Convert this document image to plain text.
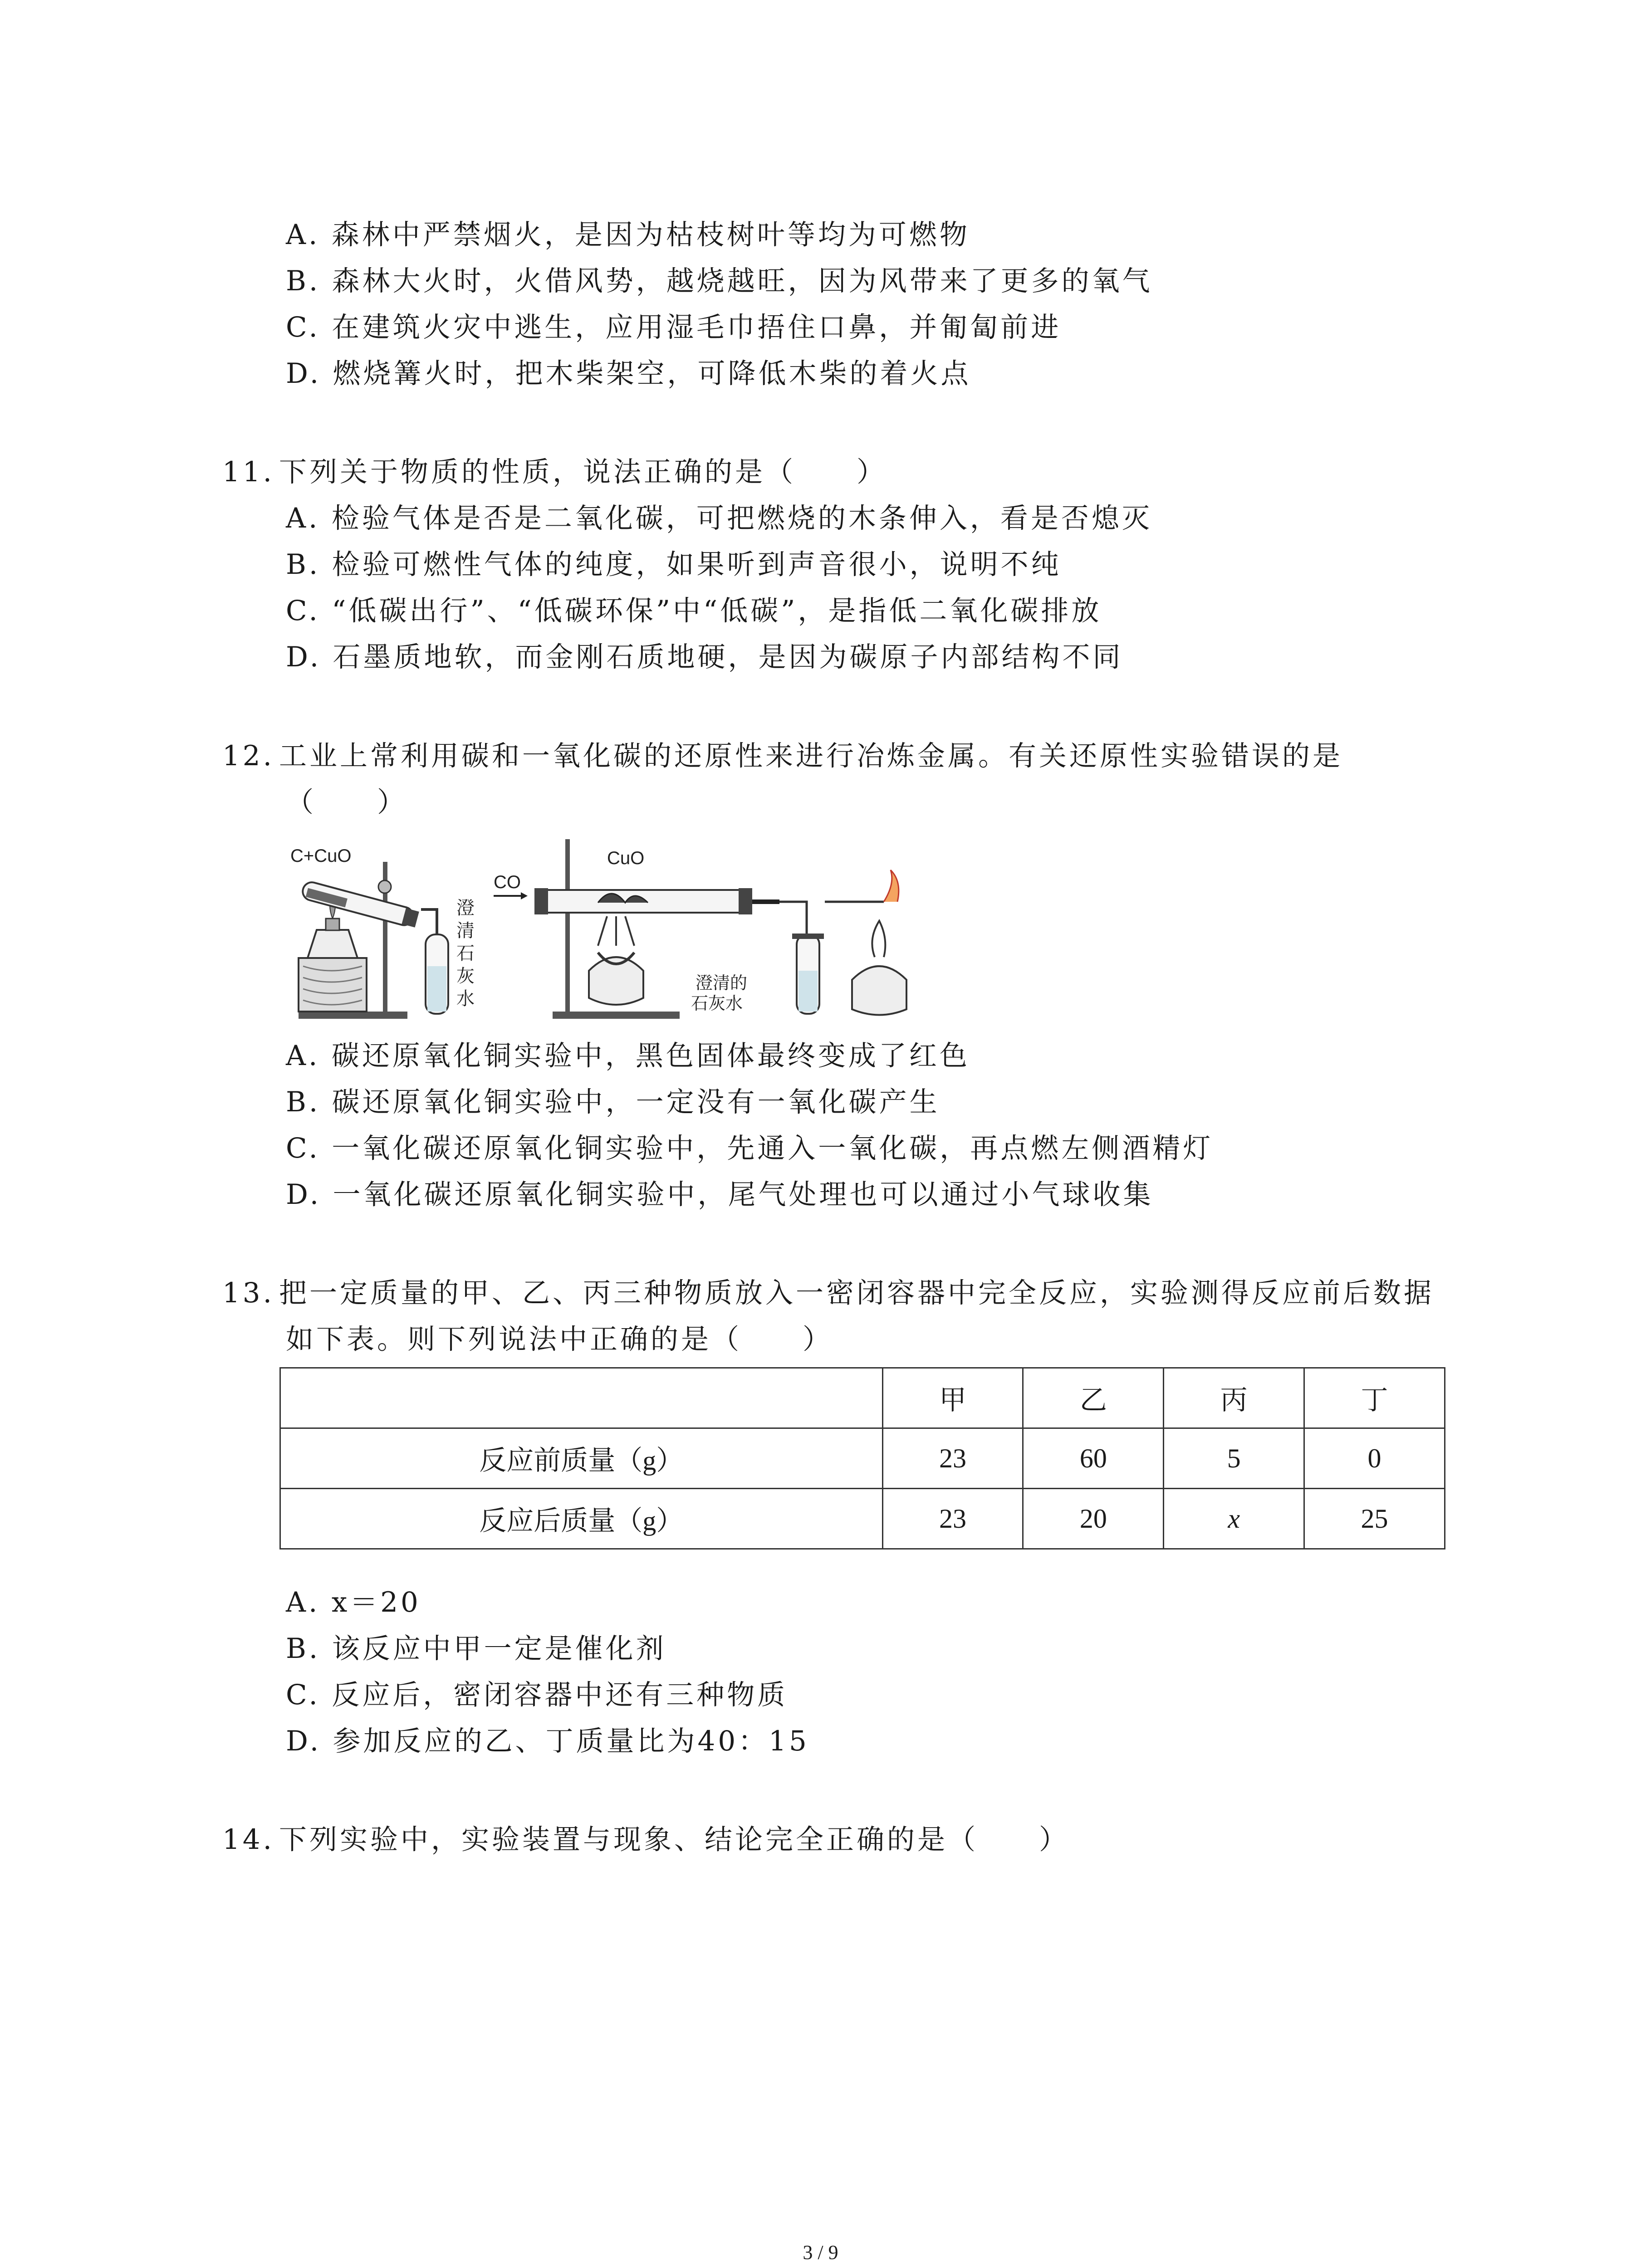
A. 森林中严禁烟火，是因为枯枝树叶等均为可燃物
B. 森林大火时，火借风势，越烧越旺，因为风带来了更多的氧气
C. 在建筑火灾中逃生，应用湿毛巾捂住口鼻，并匍匐前进
D. 燃烧篝火时，把木柴架空，可降低木柴的着火点
11. 下列关于物质的性质，说法正确的是（　　）
A. 检验气体是否是二氧化碳，可把燃烧的木条伸入，看是否熄灭
B. 检验可燃性气体的纯度，如果听到声音很小，说明不纯
C. “低碳出行”、“低碳环保”中“低碳”，是指低二氧化碳排放
D. 石墨质地软，而金刚石质地硬，是因为碳原子内部结构不同
12. 工业上常利用碳和一氧化碳的还原性来进行冶炼金属。有关还原性实验错误的是
（　　）
C+CuO
澄
清
石
灰
水
CO
CuO
澄清的
石灰水
A. 碳还原氧化铜实验中，黑色固体最终变成了红色
B. 碳还原氧化铜实验中，一定没有一氧化碳产生
C. 一氧化碳还原氧化铜实验中，先通入一氧化碳，再点燃左侧酒精灯
D. 一氧化碳还原氧化铜实验中，尾气处理也可以通过小气球收集
13. 把一定质量的甲、乙、丙三种物质放入一密闭容器中完全反应，实验测得反应前后数据
如下表。则下列说法中正确的是（　　）
	甲	乙	丙	丁
反应前质量（g）	23	60	5	0
反应后质量（g）	23	20	x	25
A. x＝20
B. 该反应中甲一定是催化剂
C. 反应后，密闭容器中还有三种物质
D. 参加反应的乙、丁质量比为40：15
14. 下列实验中，实验装置与现象、结论完全正确的是（　　）
3 / 9
